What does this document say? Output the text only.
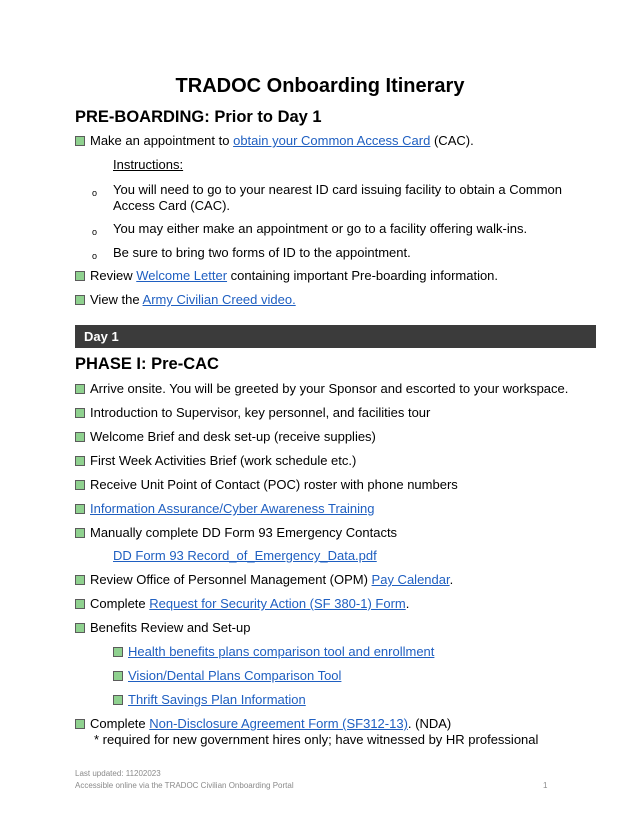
TRADOC Onboarding Itinerary
PRE-BOARDING: Prior to Day 1
Make an appointment to obtain your Common Access Card (CAC).
Instructions:
o You will need to go to your nearest ID card issuing facility to obtain a Common
Access Card (CAC).
o You may either make an appointment or go to a facility offering walk-ins.
o Be sure to bring two forms of ID to the appointment.
Review Welcome Letter containing important Pre-boarding information.
View the Army Civilian Creed video.
Day 1
PHASE I: Pre-CAC
Arrive onsite. You will be greeted by your Sponsor and escorted to your workspace.
Introduction to Supervisor, key personnel, and facilities tour
Welcome Brief and desk set-up (receive supplies)
First Week Activities Brief (work schedule etc.)
Receive Unit Point of Contact (POC) roster with phone numbers
Information Assurance/Cyber Awareness Training
Manually complete DD Form 93 Emergency Contacts
DD Form 93 Record_of_Emergency_Data.pdf
Review Office of Personnel Management (OPM) Pay Calendar.
Complete Request for Security Action (SF 380-1) Form.
Benefits Review and Set-up
Health benefits plans comparison tool and enrollment
Vision/Dental Plans Comparison Tool
Thrift Savings Plan Information
Complete Non-Disclosure Agreement Form (SF312-13). (NDA)
* required for new government hires only; have witnessed by HR professional
Last updated: 11202023
Accessible online via the TRADOC Civilian Onboarding Portal	1
